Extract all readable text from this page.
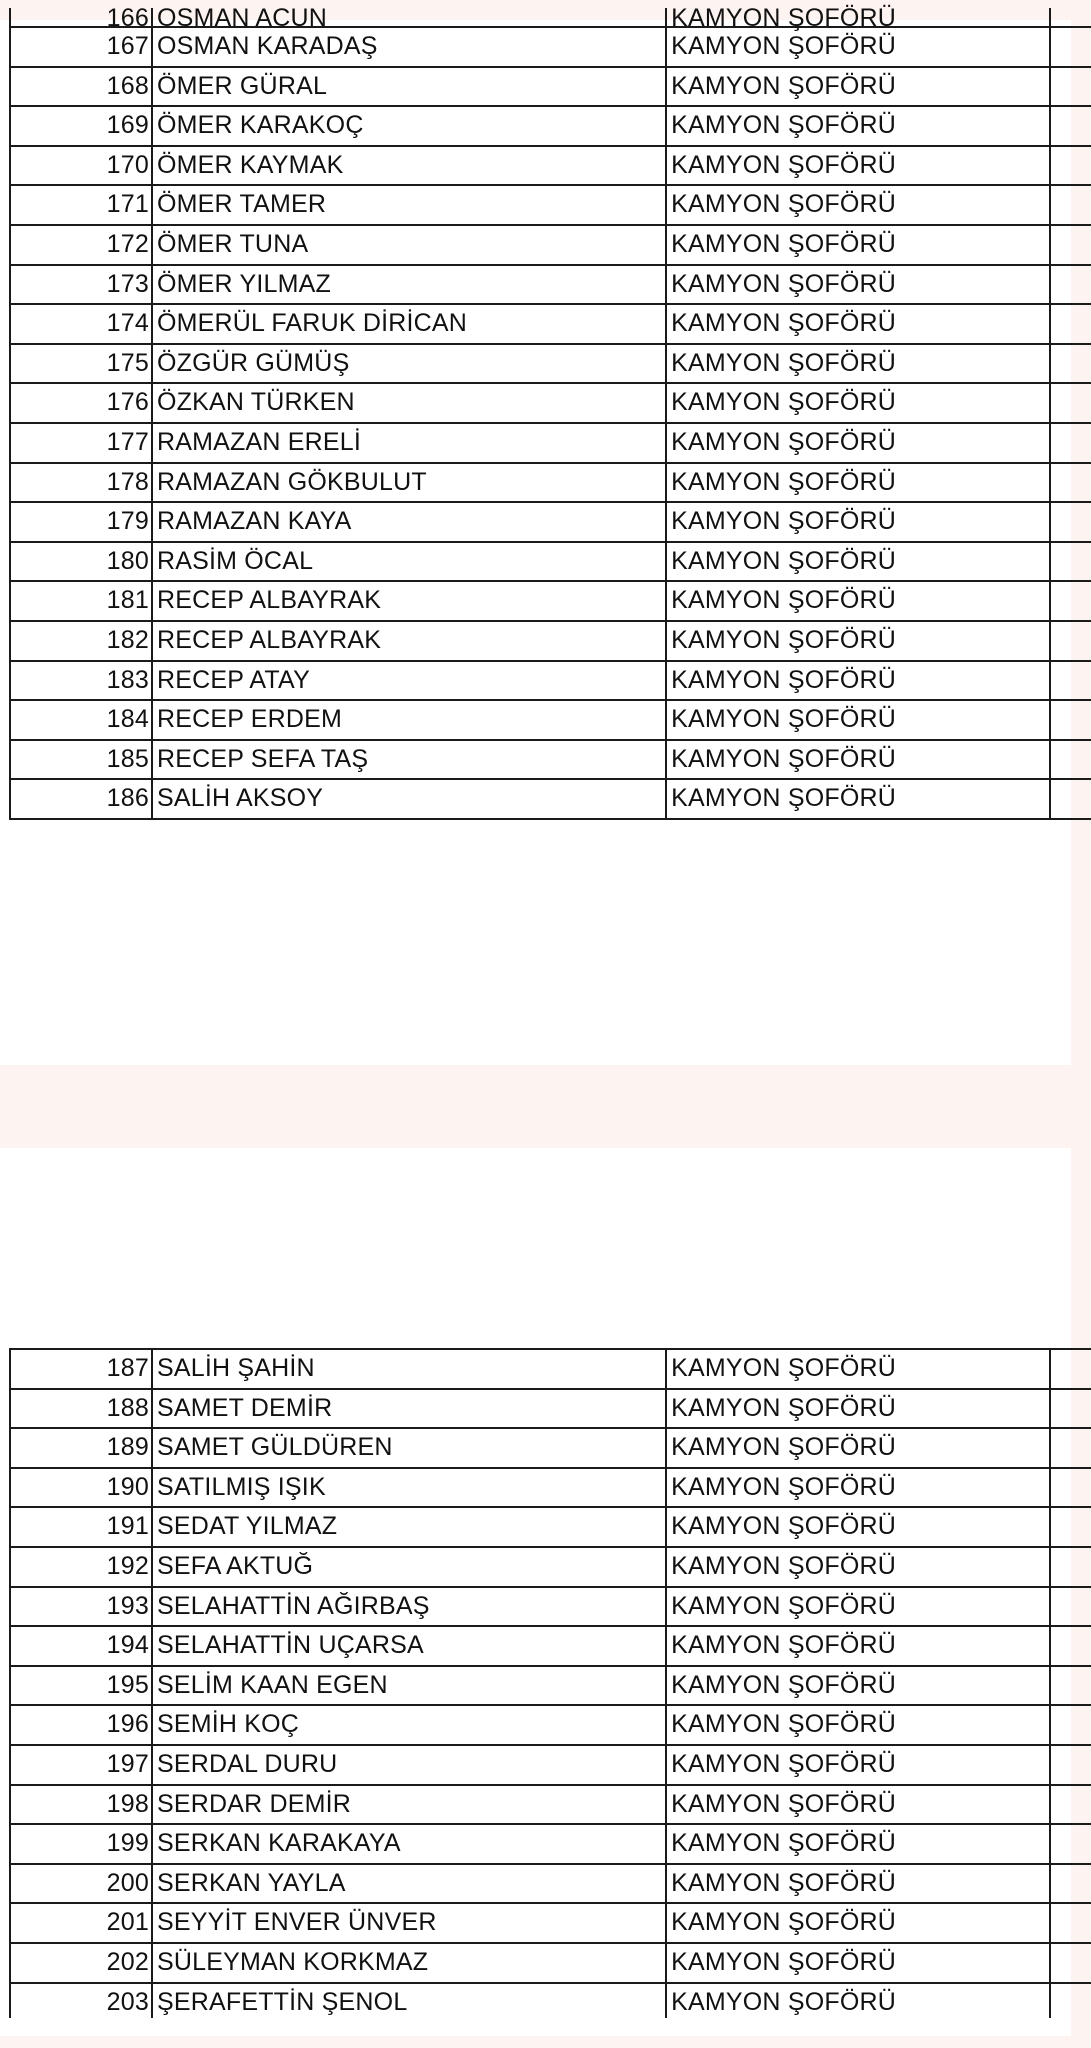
166 OSMAN ACUN	KAMYON ŞOFÖRÜ
167 OSMAN KARADAŞ	KAMYON ŞOFÖRÜ
168 ÖMER GÜRAL	KAMYON ŞOFÖRÜ
169 ÖMER KARAKOÇ	KAMYON ŞOFÖRÜ
170 ÖMER KAYMAK	KAMYON ŞOFÖRÜ
171 ÖMER TAMER	KAMYON ŞOFÖRÜ
172 ÖMER TUNA	KAMYON ŞOFÖRÜ
173 ÖMER YILMAZ	KAMYON ŞOFÖRÜ
174 ÖMERÜL FARUK DİRİCAN	KAMYON ŞOFÖRÜ
175 ÖZGÜR GÜMÜŞ	KAMYON ŞOFÖRÜ
176 ÖZKAN TÜRKEN	KAMYON ŞOFÖRÜ
177 RAMAZAN ERELİ	KAMYON ŞOFÖRÜ
178 RAMAZAN GÖKBULUT	KAMYON ŞOFÖRÜ
179 RAMAZAN KAYA	KAMYON ŞOFÖRÜ
180 RASİM ÖCAL	KAMYON ŞOFÖRÜ
181 RECEP ALBAYRAK	KAMYON ŞOFÖRÜ
182 RECEP ALBAYRAK	KAMYON ŞOFÖRÜ
183 RECEP ATAY	KAMYON ŞOFÖRÜ
184 RECEP ERDEM	KAMYON ŞOFÖRÜ
185 RECEP SEFA TAŞ	KAMYON ŞOFÖRÜ
186 SALİH AKSOY	KAMYON ŞOFÖRÜ
187 SALİH ŞAHİN	KAMYON ŞOFÖRÜ
188 SAMET DEMİR	KAMYON ŞOFÖRÜ
189 SAMET GÜLDÜREN	KAMYON ŞOFÖRÜ
190 SATILMIŞ IŞIK	KAMYON ŞOFÖRÜ
191 SEDAT YILMAZ	KAMYON ŞOFÖRÜ
192 SEFA AKTUĞ	KAMYON ŞOFÖRÜ
193 SELAHATTİN AĞIRBAŞ	KAMYON ŞOFÖRÜ
194 SELAHATTİN UÇARSA	KAMYON ŞOFÖRÜ
195 SELİM KAAN EGEN	KAMYON ŞOFÖRÜ
196 SEMİH KOÇ	KAMYON ŞOFÖRÜ
197 SERDAL DURU	KAMYON ŞOFÖRÜ
198 SERDAR DEMİR	KAMYON ŞOFÖRÜ
199 SERKAN KARAKAYA	KAMYON ŞOFÖRÜ
200 SERKAN YAYLA	KAMYON ŞOFÖRÜ
201 SEYYİT ENVER ÜNVER	KAMYON ŞOFÖRÜ
202 SÜLEYMAN KORKMAZ	KAMYON ŞOFÖRÜ
203 ŞERAFETTİN ŞENOL	KAMYON ŞOFÖRÜ
